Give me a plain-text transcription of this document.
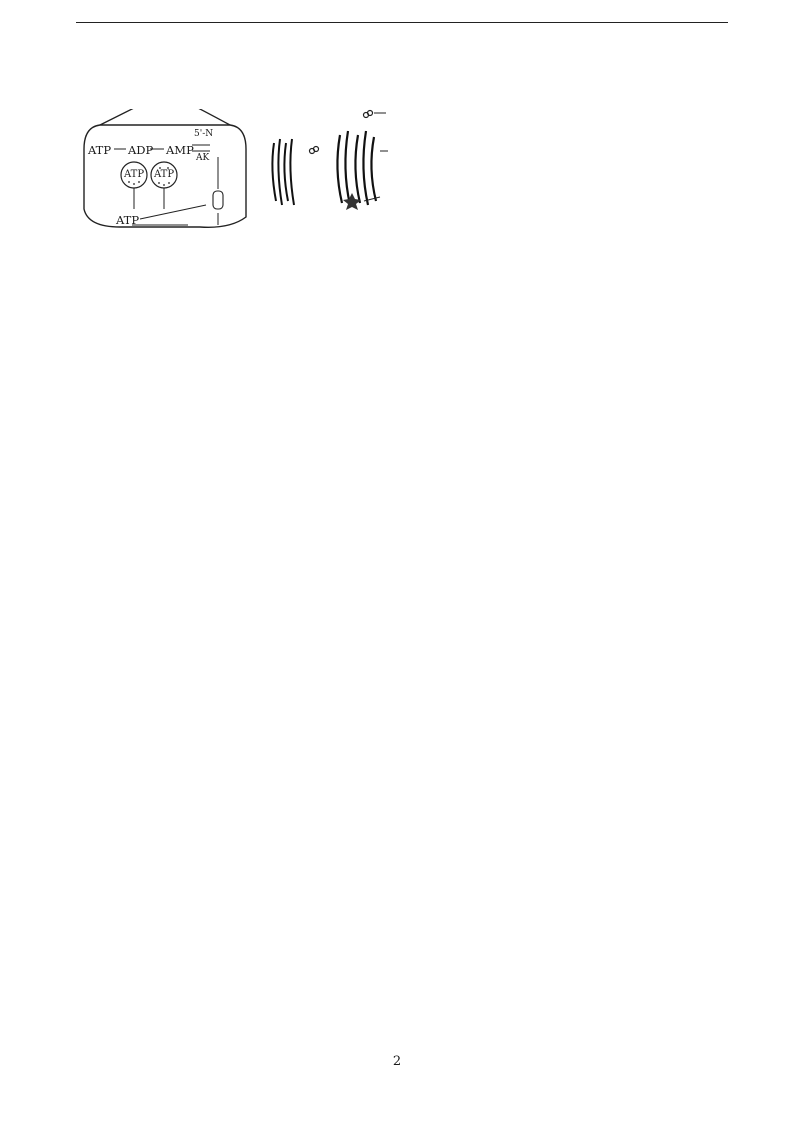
ATP ADP AMP
5'-N
AK
ATP ATP
ATP
2
